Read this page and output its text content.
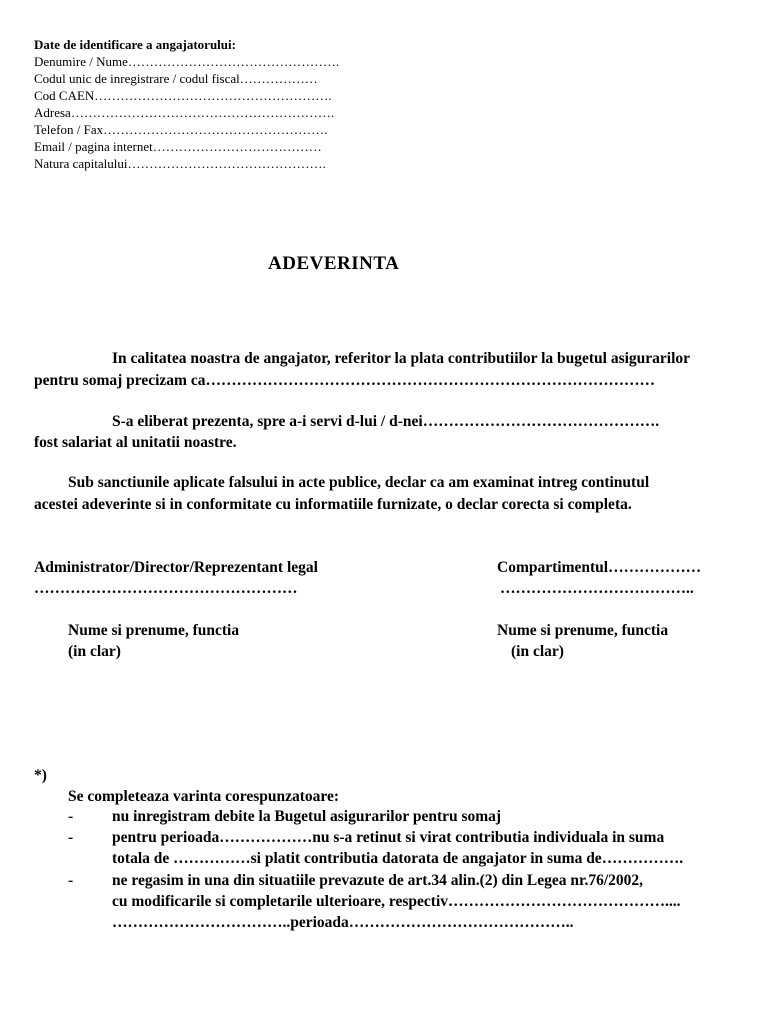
Date de identificare a angajatorului:
Denumire / Nume………………………………………….
Codul unic de inregistrare / codul fiscal………………
Cod CAEN……………………………………………….
Adresa…………………………………………………….
Telefon / Fax…………………………………………….
Email / pagina internet…………………………………
Natura capitalului……………………………………….
ADEVERINTA
In calitatea noastra de angajator, referitor la plata contributiilor la bugetul asigurarilor
pentru somaj precizam ca……………………………………………………………………………
S-a eliberat prezenta, spre a-i servi d-lui / d-nei……………………………………….
fost salariat al unitatii noastre.
Sub sanctiunile aplicate falsului in acte publice, declar ca am examinat intreg continutul
acestei adeverinte si in conformitate cu informatiile furnizate, o declar corecta si completa.
Administrator/Director/Reprezentant legal
……………………………………………
Nume si prenume, functia
(in clar)
Compartimentul………………
………………………………..
Nume si prenume, functia
(in clar)
*)
Se completeaza varinta corespunzatoare:
-	nu inregistram debite la Bugetul asigurarilor pentru somaj
-	pentru perioada………………nu s-a retinut si virat contributia individuala in suma
totala de ……………si platit contributia datorata de angajator in suma de…………….
-	ne regasim in una din situatiile prevazute de art.34 alin.(2) din Legea nr.76/2002,
cu modificarile si completarile ulterioare, respectiv……………………………………....
……………………………..perioada……………………………………..
